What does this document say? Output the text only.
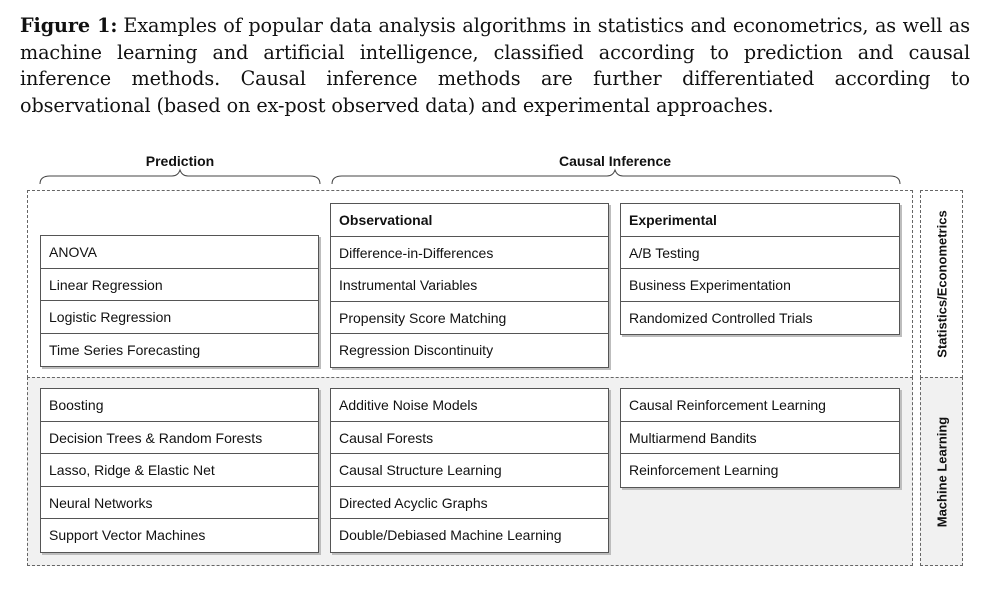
Figure 1: Examples of popular data analysis algorithms in statistics and econometrics, as well as machine learning and artificial intelligence, classified according to prediction and causal inference methods. Causal inference methods are further differentiated according to observational (based on ex-post observed data) and experimental approaches.
Prediction	Causal Inference
Statistics/Econometrics
Machine Learning
ANOVA
Linear Regression
Logistic Regression
Time Series Forecasting
Observational
Difference-in-Differences
Instrumental Variables
Propensity Score Matching
Regression Discontinuity
Experimental
A/B Testing
Business Experimentation
Randomized Controlled Trials
Boosting
Decision Trees & Random Forests
Lasso, Ridge & Elastic Net
Neural Networks
Support Vector Machines
Additive Noise Models
Causal Forests
Causal Structure Learning
Directed Acyclic Graphs
Double/Debiased Machine Learning
Causal Reinforcement Learning
Multiarmend Bandits
Reinforcement Learning
